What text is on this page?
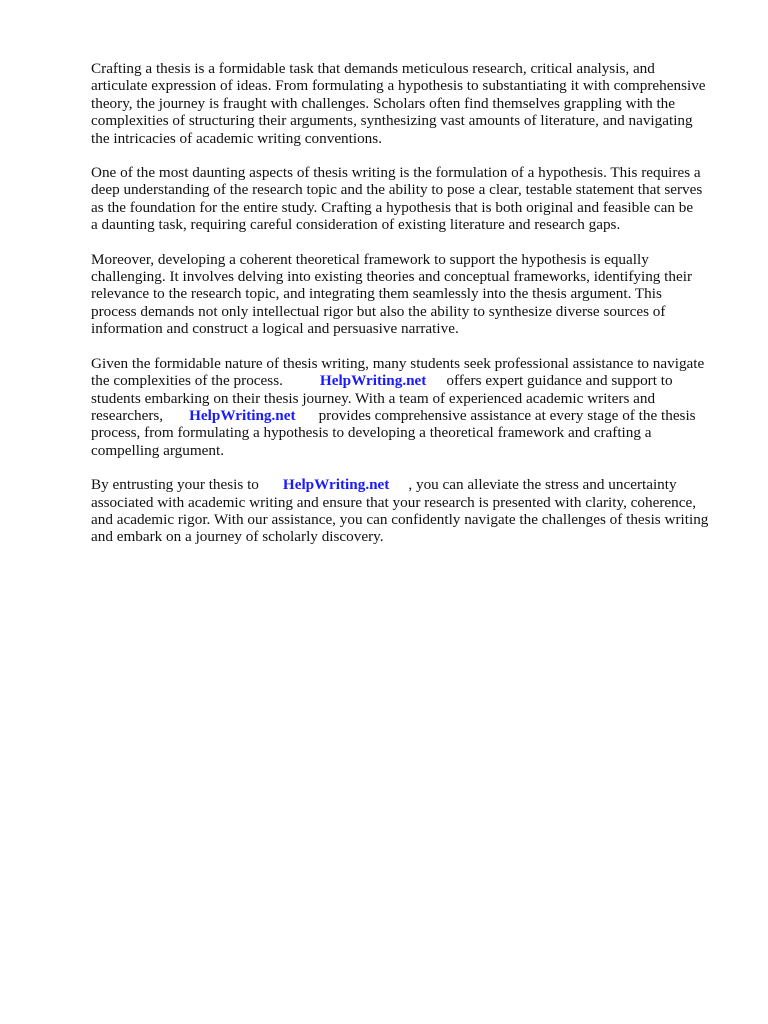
Crafting a thesis is a formidable task that demands meticulous research, critical analysis, and
articulate expression of ideas. From formulating a hypothesis to substantiating it with comprehensive
theory, the journey is fraught with challenges. Scholars often find themselves grappling with the
complexities of structuring their arguments, synthesizing vast amounts of literature, and navigating
the intricacies of academic writing conventions.

One of the most daunting aspects of thesis writing is the formulation of a hypothesis. This requires a
deep understanding of the research topic and the ability to pose a clear, testable statement that serves
as the foundation for the entire study. Crafting a hypothesis that is both original and feasible can be
a daunting task, requiring careful consideration of existing literature and research gaps.

Moreover, developing a coherent theoretical framework to support the hypothesis is equally
challenging. It involves delving into existing theories and conceptual frameworks, identifying their
relevance to the research topic, and integrating them seamlessly into the thesis argument. This
process demands not only intellectual rigor but also the ability to synthesize diverse sources of
information and construct a logical and persuasive narrative.

Given the formidable nature of thesis writing, many students seek professional assistance to navigate
the complexities of the process. HelpWriting.net offers expert guidance and support to
students embarking on their thesis journey. With a team of experienced academic writers and
researchers, HelpWriting.net provides comprehensive assistance at every stage of the thesis
process, from formulating a hypothesis to developing a theoretical framework and crafting a
compelling argument.

By entrusting your thesis to HelpWriting.net , you can alleviate the stress and uncertainty
associated with academic writing and ensure that your research is presented with clarity, coherence,
and academic rigor. With our assistance, you can confidently navigate the challenges of thesis writing
and embark on a journey of scholarly discovery.
